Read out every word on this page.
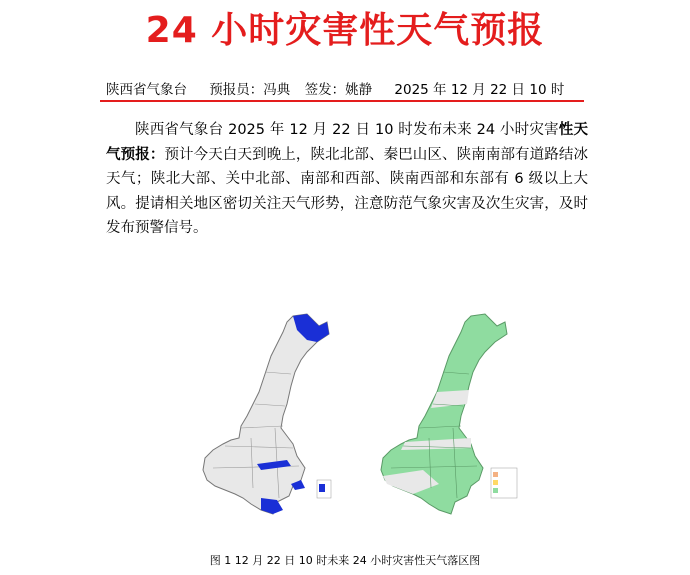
24 小时灾害性天气预报
陕西省气象台 预报员：冯典 签发：姚静 2025 年 12 月 22 日 10 时

陕西省气象台 2025 年 12 月 22 日 10 时发布未来 24 小时灾害性天气预报：预计今天白天到晚上，陕北北部、秦巴山区、陕南南部有道路结冰天气；陕北大部、关中北部、南部和西部、陕南西部和东部有 6 级以上大风。提请相关地区密切关注天气形势，注意防范气象灾害及次生灾害，及时发布预警信号。

图 1 12 月 22 日 10 时未来 24 小时灾害性天气落区图
